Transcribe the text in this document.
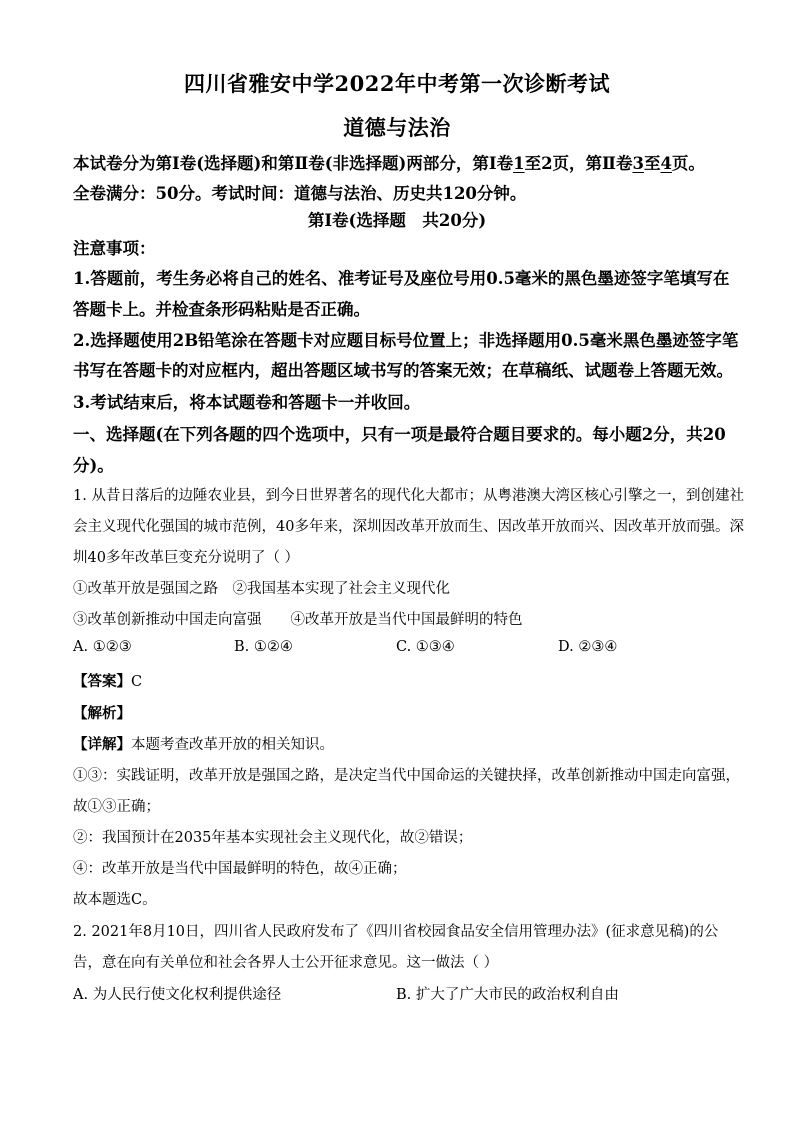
四川省雅安中学2022年中考第一次诊断考试
道德与法治
本试卷分为第Ⅰ卷(选择题)和第Ⅱ卷(非选择题)两部分，第Ⅰ卷1至2页，第Ⅱ卷3至4页。
全卷满分：50分。考试时间：道德与法治、历史共120分钟。
第Ⅰ卷(选择题　共20分)
注意事项：
1.答题前，考生务必将自己的姓名、准考证号及座位号用0.5毫米的黑色墨迹签字笔填写在
答题卡上。并检查条形码粘贴是否正确。
2.选择题使用2B铅笔涂在答题卡对应题目标号位置上；非选择题用0.5毫米黑色墨迹签字笔
书写在答题卡的对应框内，超出答题区域书写的答案无效；在草稿纸、试题卷上答题无效。
3.考试结束后，将本试题卷和答题卡一并收回。
一、选择题(在下列各题的四个选项中，只有一项是最符合题目要求的。每小题2分，共20
分)。
1. 从昔日落后的边陲农业县，到今日世界著名的现代化大都市；从粤港澳大湾区核心引擎之一，到创建社
会主义现代化强国的城市范例，40多年来，深圳因改革开放而生、因改革开放而兴、因改革开放而强。深
圳40多年改革巨变充分说明了（ ）
①改革开放是强国之路　②我国基本实现了社会主义现代化
③改革创新推动中国走向富强　　④改革开放是当代中国最鲜明的特色
A. ①②③	B. ①②④	C. ①③④	D. ②③④
【答案】C
【解析】
【详解】本题考查改革开放的相关知识。
①③：实践证明，改革开放是强国之路，是决定当代中国命运的关键抉择，改革创新推动中国走向富强，
故①③正确；
②：我国预计在2035年基本实现社会主义现代化，故②错误；
④：改革开放是当代中国最鲜明的特色，故④正确；
故本题选C。
2. 2021年8月10日，四川省人民政府发布了《四川省校园食品安全信用管理办法》(征求意见稿)的公
告，意在向有关单位和社会各界人士公开征求意见。这一做法（ ）
A. 为人民行使文化权利提供途径	B. 扩大了广大市民的政治权利自由
